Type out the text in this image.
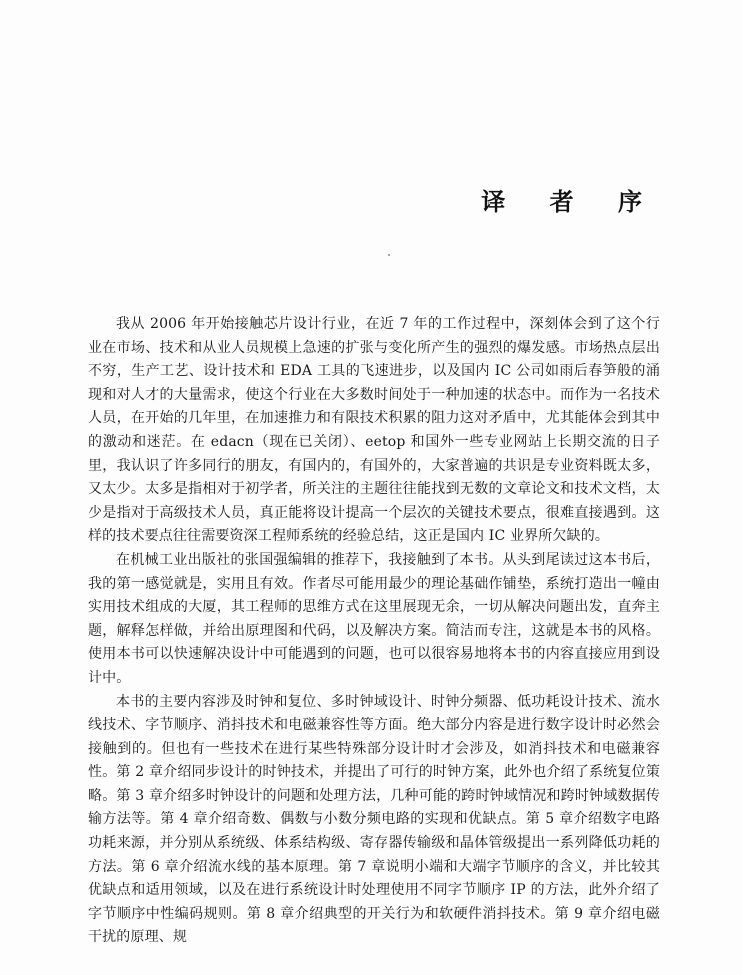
译 者 序

我从 2006 年开始接触芯片设计行业，在近 7 年的工作过程中，深刻体会到了这个行业在市场、技术和从业人员规模上急速的扩张与变化所产生的强烈的爆发感。市场热点层出不穷，生产工艺、设计技术和 EDA 工具的飞速进步，以及国内 IC 公司如雨后春笋般的涌现和对人才的大量需求，使这个行业在大多数时间处于一种加速的状态中。而作为一名技术人员，在开始的几年里，在加速推力和有限技术积累的阻力这对矛盾中，尤其能体会到其中的激动和迷茫。在 edacn（现在已关闭）、eetop 和国外一些专业网站上长期交流的日子里，我认识了许多同行的朋友，有国内的，有国外的，大家普遍的共识是专业资料既太多，又太少。太多是指相对于初学者，所关注的主题往往能找到无数的文章论文和技术文档，太少是指对于高级技术人员，真正能将设计提高一个层次的关键技术要点，很难直接遇到。这样的技术要点往往需要资深工程师系统的经验总结，这正是国内 IC 业界所欠缺的。

在机械工业出版社的张国强编辑的推荐下，我接触到了本书。从头到尾读过这本书后，我的第一感觉就是，实用且有效。作者尽可能用最少的理论基础作铺垫，系统打造出一幢由实用技术组成的大厦，其工程师的思维方式在这里展现无余，一切从解决问题出发，直奔主题，解释怎样做，并给出原理图和代码，以及解决方案。简洁而专注，这就是本书的风格。使用本书可以快速解决设计中可能遇到的问题，也可以很容易地将本书的内容直接应用到设计中。

本书的主要内容涉及时钟和复位、多时钟域设计、时钟分频器、低功耗设计技术、流水线技术、字节顺序、消抖技术和电磁兼容性等方面。绝大部分内容是进行数字设计时必然会接触到的。但也有一些技术在进行某些特殊部分设计时才会涉及，如消抖技术和电磁兼容性。第 2 章介绍同步设计的时钟技术，并提出了可行的时钟方案，此外也介绍了系统复位策略。第 3 章介绍多时钟设计的问题和处理方法，几种可能的跨时钟域情况和跨时钟域数据传输方法等。第 4 章介绍奇数、偶数与小数分频电路的实现和优缺点。第 5 章介绍数字电路功耗来源，并分别从系统级、体系结构级、寄存器传输级和晶体管级提出一系列降低功耗的方法。第 6 章介绍流水线的基本原理。第 7 章说明小端和大端字节顺序的含义，并比较其优缺点和适用领域，以及在进行系统设计时处理使用不同字节顺序 IP 的方法，此外介绍了字节顺序中性编码规则。第 8 章介绍典型的开关行为和软硬件消抖技术。第 9 章介绍电磁干扰的原理、规
